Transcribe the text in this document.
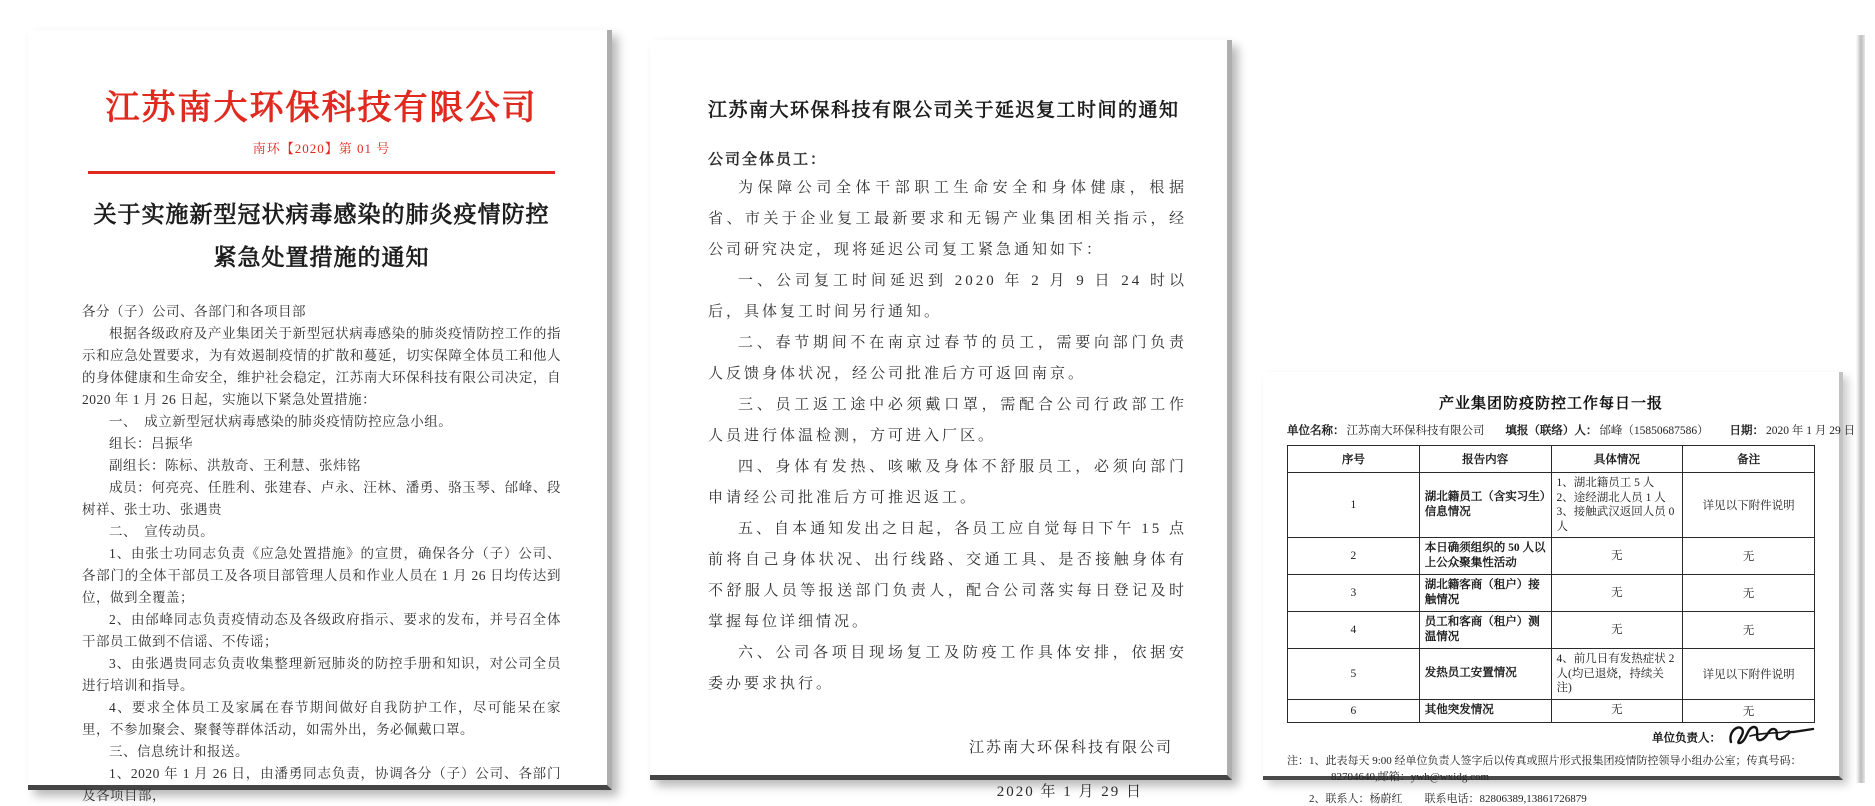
江苏南大环保科技有限公司
南环【2020】第 01 号
关于实施新型冠状病毒感染的肺炎疫情防控紧急处置措施的通知

各分（子）公司、各部门和各项目部

根据各级政府及产业集团关于新型冠状病毒感染的肺炎疫情防控工作的指示和应急处置要求，为有效遏制疫情的扩散和蔓延，切实保障全体员工和他人的身体健康和生命安全，维护社会稳定，江苏南大环保科技有限公司决定，自 2020 年 1 月 26 日起，实施以下紧急处置措施：

一、　成立新型冠状病毒感染的肺炎疫情防控应急小组。

组长：吕振华

副组长：陈标、洪敖奇、王利慧、张炜铭

成员：何亮亮、任胜利、张建春、卢永、汪林、潘勇、骆玉琴、邰峰、段树祥、张士功、张遇贵

二、　宣传动员。

1、由张士功同志负责《应急处置措施》的宣贯，确保各分（子）公司、各部门的全体干部员工及各项目部管理人员和作业人员在 1 月 26 日均传达到位，做到全覆盖；

2、由邰峰同志负责疫情动态及各级政府指示、要求的发布，并号召全体干部员工做到不信谣、不传谣；

3、由张遇贵同志负责收集整理新冠肺炎的防控手册和知识，对公司全员进行培训和指导。

4、要求全体员工及家属在春节期间做好自我防护工作，尽可能呆在家里，不参加聚会、聚餐等群体活动，如需外出，务必佩戴口罩。

三、信息统计和报送。

1、2020 年 1 月 26 日，由潘勇同志负责，协调各分（子）公司、各部门及各项目部，

江苏南大环保科技有限公司关于延迟复工时间的通知
公司全体员工：

为保障公司全体干部职工生命安全和身体健康，根据省、市关于企业复工最新要求和无锡产业集团相关指示，经公司研究决定，现将延迟公司复工紧急通知如下：

一、公司复工时间延迟到 2020 年 2 月 9 日 24 时以后，具体复工时间另行通知。

二、春节期间不在南京过春节的员工，需要向部门负责人反馈身体状况，经公司批准后方可返回南京。

三、员工返工途中必须戴口罩，需配合公司行政部工作人员进行体温检测，方可进入厂区。

四、身体有发热、咳嗽及身体不舒服员工，必须向部门申请经公司批准后方可推迟返工。

五、自本通知发出之日起，各员工应自觉每日下午 15 点前将自己身体状况、出行线路、交通工具、是否接触身体有不舒服人员等报送部门负责人，配合公司落实每日登记及时掌握每位详细情况。

六、公司各项目现场复工及防疫工作具体安排，依据安委办要求执行。

江苏南大环保科技有限公司
2020 年 1 月 29 日
产业集团防疫防控工作每日一报
单位名称： 江苏南大环保科技有限公司 填报（联络）人： 邰峰（15850687586） 日期： 2020 年 1 月 29 日
序号	报告内容	具体情况	备注
1	湖北籍员工（含实习生）信息情况	1、湖北籍员工 5 人

2、途经湖北人员 1 人

3、接触武汉返回人员 0 人	详见以下附件说明
2	本日确须组织的 50 人以上公众聚集性活动	无	无
3	湖北籍客商（租户）接触情况	无	无
4	员工和客商（租户）测温情况	无	无
5	发热员工安置情况	4、前几日有发热症状 2 人(均已退烧，持续关注)	详见以下附件说明
6	其他突发情况	无	无
单位负责人：

注：1、此表每天 9:00 经单位负责人签字后以传真或照片形式报集团疫情防控领导小组办公室；传真号码：82704640,邮箱：ywh@wxidg.com

2、联系人：杨蔚红　　联系电话：82806389,13861726879
